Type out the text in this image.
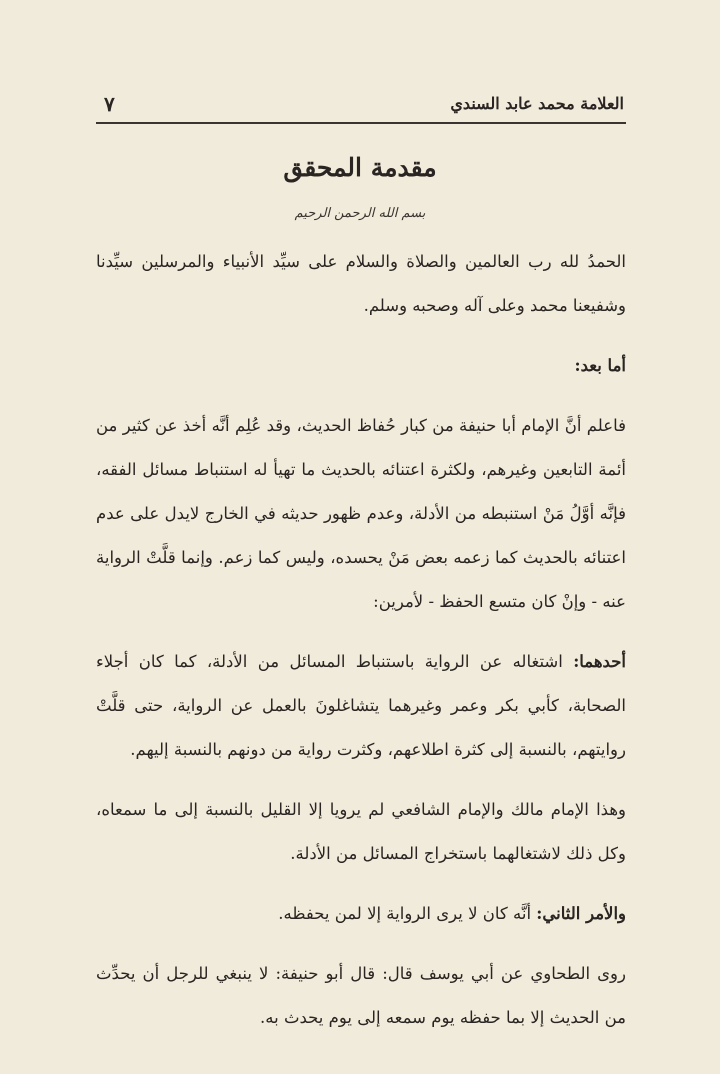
العلامة محمد عابد السندي
٧
مقدمة المحقق
بسم الله الرحمن الرحيم

الحمدُ لله رب العالمين والصلاة والسلام على سيِّد الأنبياء والمرسلين سيِّدنا وشفيعنا محمد وعلى آله وصحبه وسلم.

أما بعد:

فاعلم أنَّ الإمام أبا حنيفة من كبار حُفاظ الحديث، وقد عُلِم أنَّه أخذ عن كثير من أئمة التابعين وغيرهم، ولكثرة اعتنائه بالحديث ما تهيأ له استنباط مسائل الفقه، فإنَّه أوَّلُ مَنْ استنبطه من الأدلة، وعدم ظهور حديثه في الخارج لايدل على عدم اعتنائه بالحديث كما زعمه بعض مَنْ يحسده، وليس كما زعم. وإنما قلَّتْ الرواية عنه - وإنْ كان متسع الحفظ - لأمرين:

أحدهما: اشتغاله عن الرواية باستنباط المسائل من الأدلة، كما كان أجلاء الصحابة، كأبي بكر وعمر وغيرهما يتشاغلونَ بالعمل عن الرواية، حتى قلَّتْ روايتهم، بالنسبة إلى كثرة اطلاعهم، وكثرت رواية من دونهم بالنسبة إليهم.

وهذا الإمام مالك والإمام الشافعي لم يرويا إلا القليل بالنسبة إلى ما سمعاه، وكل ذلك لاشتغالهما باستخراج المسائل من الأدلة.

والأمر الثاني: أنَّه كان لا يرى الرواية إلا لمن يحفظه.

روى الطحاوي عن أبي يوسف قال: قال أبو حنيفة: لا ينبغي للرجل أن يحدِّث من الحديث إلا بما حفظه يوم سمعه إلى يوم يحدث به.
